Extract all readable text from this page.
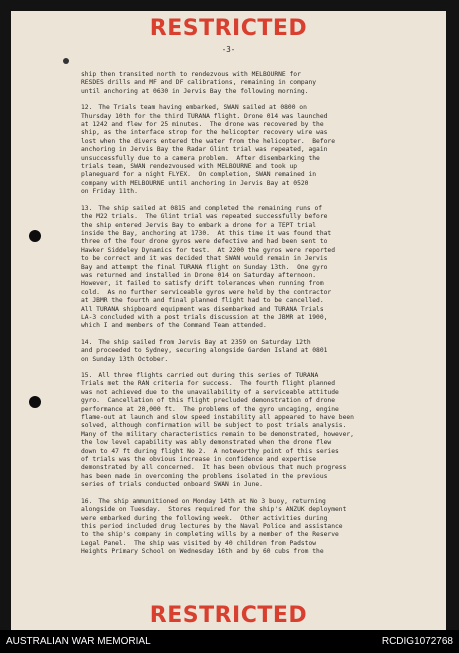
RESTRICTED
-3-

ship then transited north to rendezvous with MELBOURNE for
RESDES drills and MF and DF calibrations, remaining in company
until anchoring at 0630 in Jervis Bay the following morning.

12. The Trials team having embarked, SWAN sailed at 0800 on
Thursday 10th for the third TURANA flight. Drone 014 was launched
at 1242 and flew for 25 minutes.  The drone was recovered by the
ship, as the interface strop for the helicopter recovery wire was
lost when the divers entered the water from the helicopter.  Before
anchoring in Jervis Bay the Radar Glint trial was repeated, again
unsuccessfully due to a camera problem.  After disembarking the
trials team, SWAN rendezvoused with MELBOURNE and took up
planeguard for a night FLYEX.  On completion, SWAN remained in
company with MELBOURNE until anchoring in Jervis Bay at 0520
on Friday 11th.

13. The ship sailed at 0815 and completed the remaining runs of
the M22 trials.  The Glint trial was repeated successfully before
the ship entered Jervis Bay to embark a drone for a TEPT trial
inside the Bay, anchoring at 1730.  At this time it was found that
three of the four drone gyros were defective and had been sent to
Hawker Siddeley Dynamics for test.  At 2200 the gyros were reported
to be correct and it was decided that SWAN would remain in Jervis
Bay and attempt the final TURANA flight on Sunday 13th.  One gyro
was returned and installed in Drone 014 on Saturday afternoon.
However, it failed to satisfy drift tolerances when running from
cold.  As no further serviceable gyros were held by the contractor
at JBMR the fourth and final planned flight had to be cancelled.
All TURANA shipboard equipment was disembarked and TURANA Trials
LA-3 concluded with a post trials discussion at the JBMR at 1900,
which I and members of the Command Team attended.

14. The ship sailed from Jervis Bay at 2359 on Saturday 12th
and proceeded to Sydney, securing alongside Garden Island at 0801
on Sunday 13th October.

15. All three flights carried out during this series of TURANA
Trials met the RAN criteria for success.  The fourth flight planned
was not achieved due to the unavailability of a serviceable attitude
gyro.  Cancellation of this flight precluded demonstration of drone
performance at 20,000 ft.  The problems of the gyro uncaging, engine
flame-out at launch and slow speed instability all appeared to have been
solved, although confirmation will be subject to post trials analysis.
Many of the military characteristics remain to be demonstrated, however,
the low level capability was ably demonstrated when the drone flew
down to 47 ft during flight No 2.  A noteworthy point of this series
of trials was the obvious increase in confidence and expertise
demonstrated by all concerned.  It has been obvious that much progress
has been made in overcoming the problems isolated in the previous
series of trials conducted onboard SWAN in June.

16. The ship ammunitioned on Monday 14th at No 3 buoy, returning
alongside on Tuesday.  Stores required for the ship's ANZUK deployment
were embarked during the following week.  Other activities during
this period included drug lectures by the Naval Police and assistance
to the ship's company in completing wills by a member of the Reserve
Legal Panel.  The ship was visited by 40 children from Padstow
Heights Primary School on Wednesday 16th and by 60 cubs from the

RESTRICTED
AUSTRALIAN WAR MEMORIAL	RCDIG1072768
